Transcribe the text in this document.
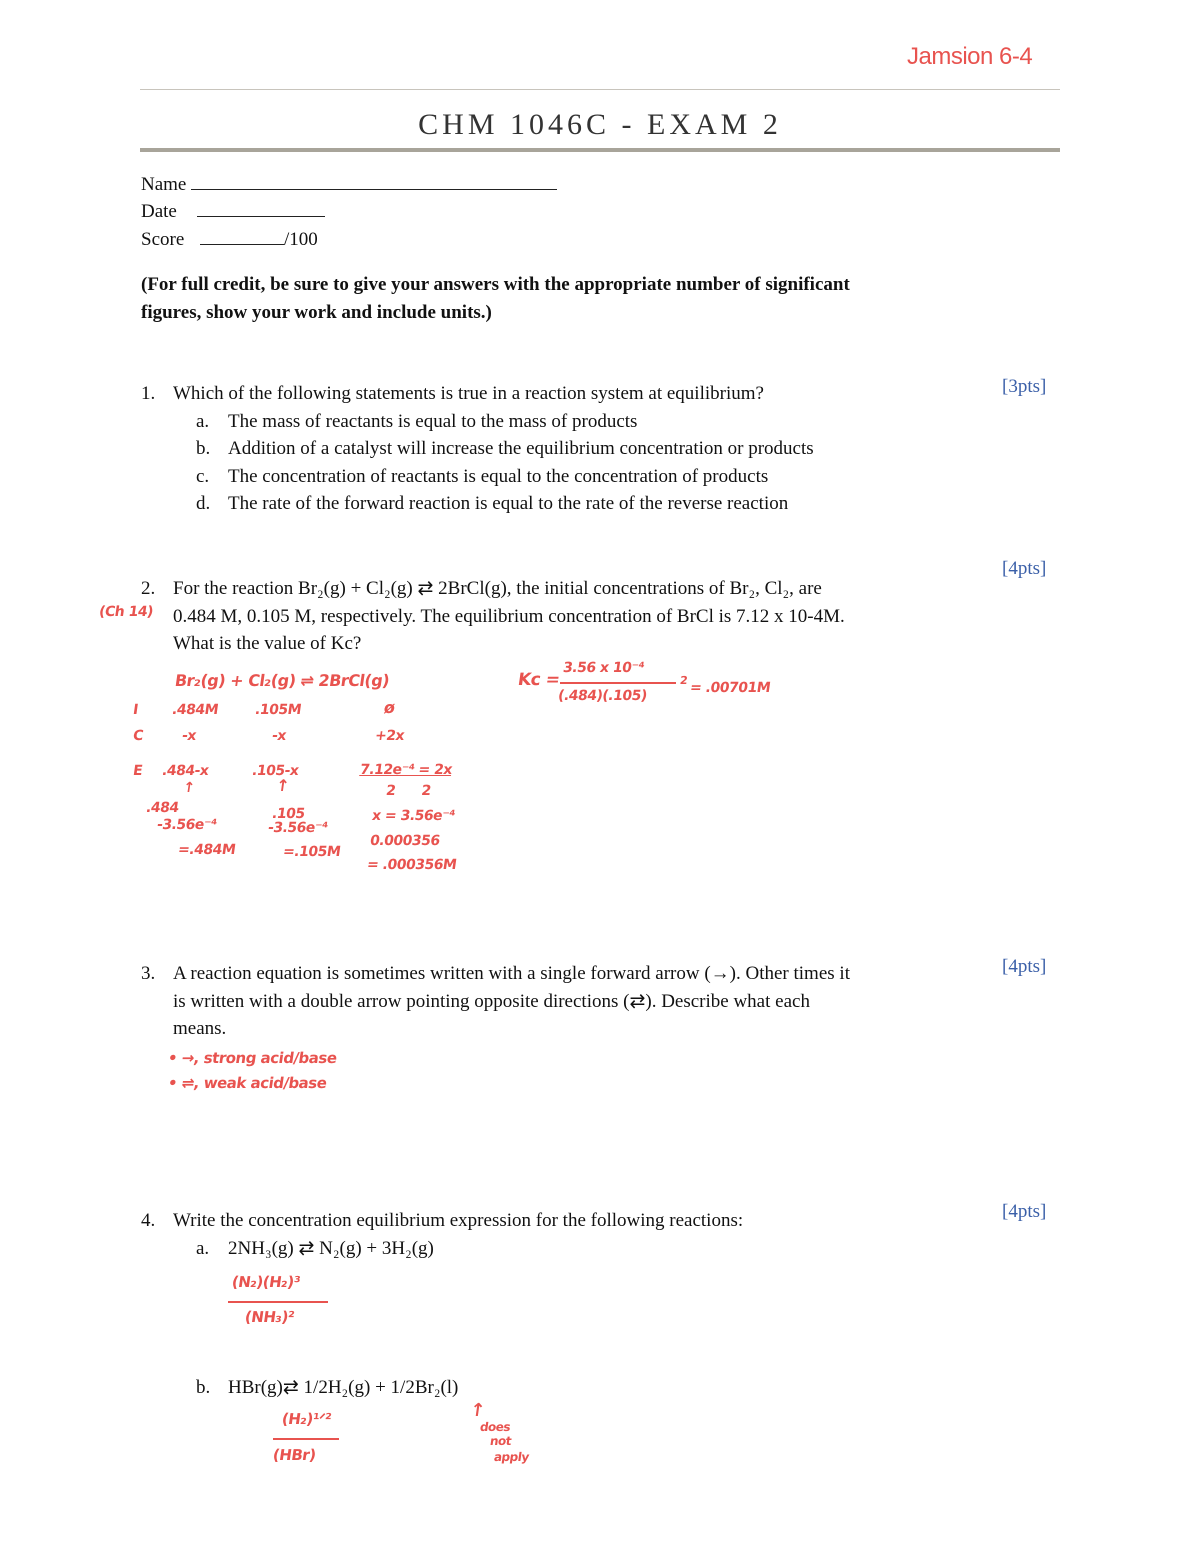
Jamsion 6-4
CHM 1046C - EXAM 2
Name
Date
Score	/100
(For full credit, be sure to give your answers with the appropriate number of significant
figures, show your work and include units.)
[3pts]
1. Which of the following statements is true in a reaction system at equilibrium?
a. The mass of reactants is equal to the mass of products
b. Addition of a catalyst will increase the equilibrium concentration or products
c. The concentration of reactants is equal to the concentration of products
d. The rate of the forward reaction is equal to the rate of the reverse reaction
[4pts]
2. For the reaction Br₂(g) + Cl₂(g) ⇄ 2BrCl(g), the initial concentrations of Br₂, Cl₂, are
0.484 M, 0.105 M, respectively. The equilibrium concentration of BrCl is 7.12 x 10-4M.
What is the value of Kc?
(Ch 14)
Br₂(g) + Cl₂(g) ⇌ 2BrCl(g)
I
C
E
.484M .105M	ø
-x	-x	+2x
.484-x	.105-x	7.12e⁻⁴ = 2x
2      2
↑	↑
.484
-3.56e⁻⁴
=.484M
.105
-3.56e⁻⁴
=.105M
x = 3.56e⁻⁴
0.000356
= .000356M
Kc =
3.56 x 10⁻⁴
(.484)(.105)
2 = .00701M
[4pts]
3. A reaction equation is sometimes written with a single forward arrow (→). Other times it
is written with a double arrow pointing opposite directions (⇄). Describe what each
means.
• →, strong acid/base
• ⇌, weak acid/base
[4pts]
4. Write the concentration equilibrium expression for the following reactions:
a. 2NH₃(g) ⇄ N₂(g) + 3H₂(g)
(N₂)(H₂)³
(NH₃)²
b. HBr(g)⇄ 1/2H₂(g) + 1/2Br₂(l)
(H₂)¹ᐟ²
(HBr)
↑
does
not
apply
